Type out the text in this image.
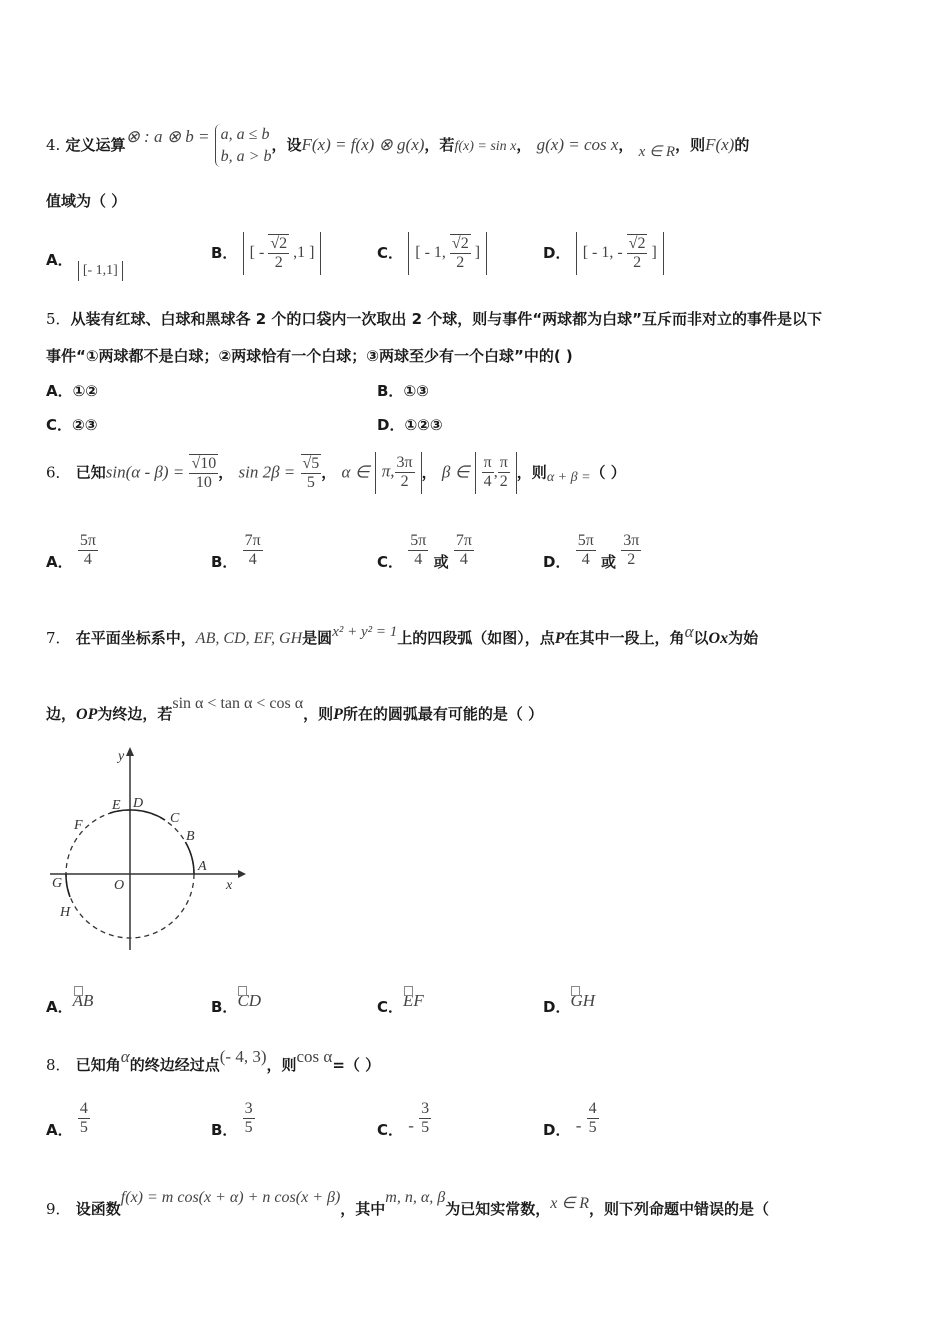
4. 定义运算⊗ : a ⊗ b = a, a ≤ b
b, a > b
，设F(x) = f(x) ⊗ g(x)，若f(x) = sin x， g(x) = cos x， x ∈ R，则F(x)的
值域为（ ）
A． [- 1,1]
B． [ - $\frac{√2}{2} ,1$ ]	C． [ - 1, $\frac{√2}{2}$ ]	D． [ - 1, - $\frac{√2}{2}$ ]
5．从装有红球、白球和黑球各 2 个的口袋内一次取出 2 个球，则与事件“两球都为白球”互斥而非对立的事件是以下
事件“①两球都不是白球；②两球恰有一个白球；③两球至少有一个白球”中的( )
A．①②	B．①③
C．②③	D．①②③
6． 已知$\sin(\alpha - \beta) = \frac{√10}{10}$ ， $\sin 2\beta = \frac{√5}{5}$ ， α ∈ π, $\frac{3\pi}{2}$ ， β ∈ $\frac{\pi}{4}$ , $\frac{\pi}{2}$ ，则α + β =（ ）
A． $\frac{5\pi}{4}$	B． $\frac{7\pi}{4}$	C． $\frac{5\pi}{4}$ 或 $\frac{7\pi}{4}$	D． $\frac{5\pi}{4}$ 或 $\frac{3\pi}{2}$
7． 在平面坐标系中，AB, CD, EF, GH是圆x² + y² = 1上的四段弧（如图），点P在其中一段上，角α以Ox为始
边，OP为终边，若sin α < tan α < cos α，则P所在的圆弧最有可能的是（ ）
x
y
O
A
B
C
D
E
F
G
H
A．AB	B．CD	C．EF	D．GH
8． 已知角α的终边经过点(- 4, 3)，则cos α=（ ）
A． $\frac{4}{5}$	B． $\frac{3}{5}$	C． - $\frac{3}{5}$	D． - $\frac{4}{5}$
9． 设函数f(x) = m cos(x + α) + n cos(x + β)，其中m, n, α, β为已知实常数，x ∈ R，则下列命题中错误的是（
